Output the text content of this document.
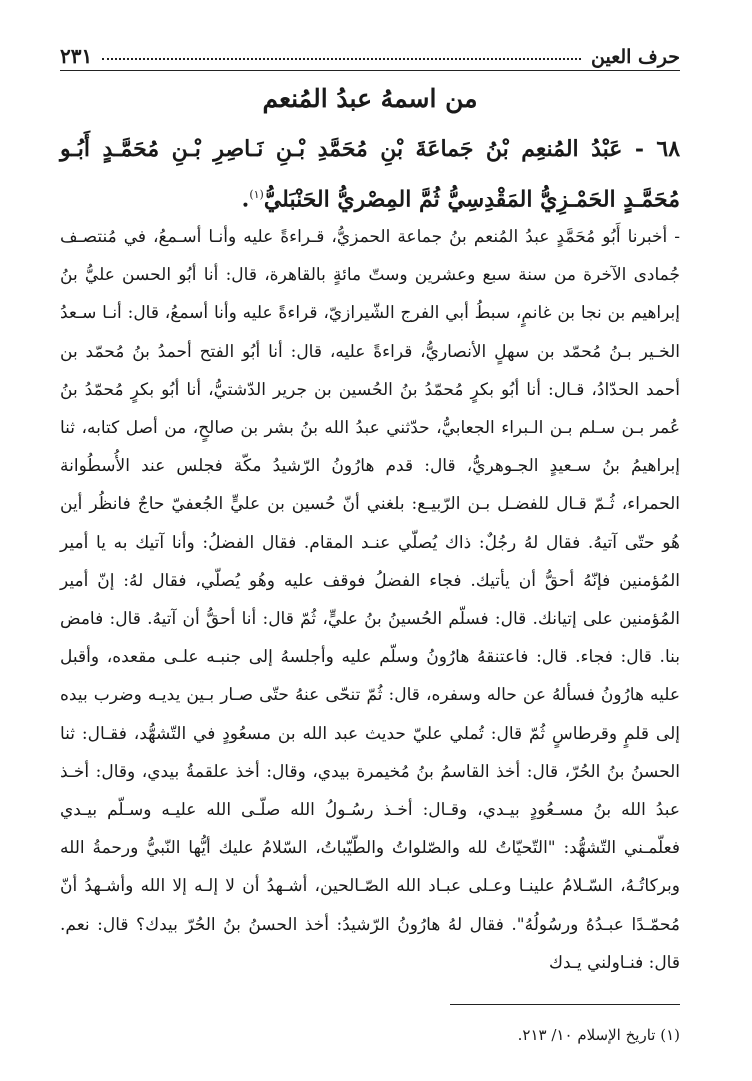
حرف العين
٢٣١
من اسمهُ عبدُ المُنعم
٦٨ - عَبْدُ المُنعِم بْنُ جَماعَةَ بْنِ مُحَمَّدِ بْـنِ نَـاصِرِ بْـنِ مُحَمَّـدٍ أَبُـو مُحَمَّـدٍ الحَمْـزِيُّ المَقْدِسِيُّ ثُمَّ المِصْريُّ الحَنْبَليُّ$^{(١)}$.
- أخبرنا أَبُو مُحَمَّدٍ عبدُ المُنعم بنُ جماعة الحمزيُّ، قـراءةً عليه وأنـا أسـمعُ، في مُنتصـف جُمادى الآخرة من سنة سبع وعشرين وستّ مائةٍ بالقاهرة، قال: أنا أبُو الحسن عليُّ بنُ إبراهيم بن نجا بن غانمٍ، سبطُ أبي الفرج الشّيرازيّ، قراءةً عليه وأنا أسمعُ، قال: أنـا سـعدُ الخـير بـنُ مُحمّد بن سهلٍ الأنصاريُّ، قراءةً عليه، قال: أنا أبُو الفتح أحمدُ بنُ مُحمّد بن أحمد الحدّادُ، قـال: أنا أبُو بكرٍ مُحمّدُ بنُ الحُسين بن جرير الدّشتيُّ، أنا أبُو بكرٍ مُحمّدُ بنُ عُمر بـن سـلم بـن الـبراء الجعابيُّ، حدّثني عبدُ الله بنُ بشر بن صالحٍ، من أصل كتابه، ثنا إبراهيمُ بنُ سـعيدٍ الجـوهريُّ، قال: قدم هارُونُ الرّشيدُ مكّة فجلس عند الأُسطُوانة الحمراء، ثُـمّ قـال للفضـل بـن الرّبيـع: بلغني أنّ حُسين بن عليٍّ الجُعفيّ حاجٌ فانظُر أين هُو حتّى آتيهُ. فقال لهُ رجُلٌ: ذاك يُصلّي عنـد المقام. فقال الفضلُ: وأنا آتيك به يا أمير المُؤمنين فإنّهُ أحقُّ أن يأتيك. فجاء الفضلُ فوقف عليه وهُو يُصلّي، فقال لهُ: إنّ أمير المُؤمنين على إتيانك. قال: فسلّم الحُسينُ بنُ عليٍّ، ثُمّ قال: أنا أحقُّ أن آتيهُ. قال: فامض بنا. قال: فجاء. قال: فاعتنقهُ هارُونُ وسلّم عليه وأجلسهُ إلى جنبـه علـى مقعده، وأقبل عليه هارُونُ فسألهُ عن حاله وسفره، قال: ثُمّ تنحّى عنهُ حتّى صـار بـين يديـه وضرب بيده إلى قلمٍ وقرطاسٍ ثُمّ قال: تُملي عليّ حديث عبد الله بن مسعُودٍ في التّشهُّد، فقـال: ثنا الحسنُ بنُ الحُرّ، قال: أخذ القاسمُ بنُ مُخيمرة بيدي، وقال: أخذ علقمةُ بيدي، وقال: أخـذ عبدُ الله بنُ مسـعُودٍ بيـدي، وقـال: أخـذ رسُـولُ الله صلّـى الله عليـه وسـلّم بيـدي فعلّمـني التّشهُّد: "التّحيّاتُ لله والصّلواتُ والطّيّباتُ، السّلامُ عليك أيُّها النّبيُّ ورحمةُ الله وبركاتُـهُ، السّـلامُ علينـا وعـلى عبـاد الله الصّـالحين، أشـهدُ أن لا إلـه إلا الله وأشـهدُ أنّ مُحمّـدًا عبـدُهُ ورسُولُهُ". فقال لهُ هارُونُ الرّشيدُ: أخذ الحسنُ بنُ الحُرّ بيدك؟ قال: نعم. قال: فنـاولني يـدك
(١) تاريخ الإسلام ١٠/ ٢١٣.
